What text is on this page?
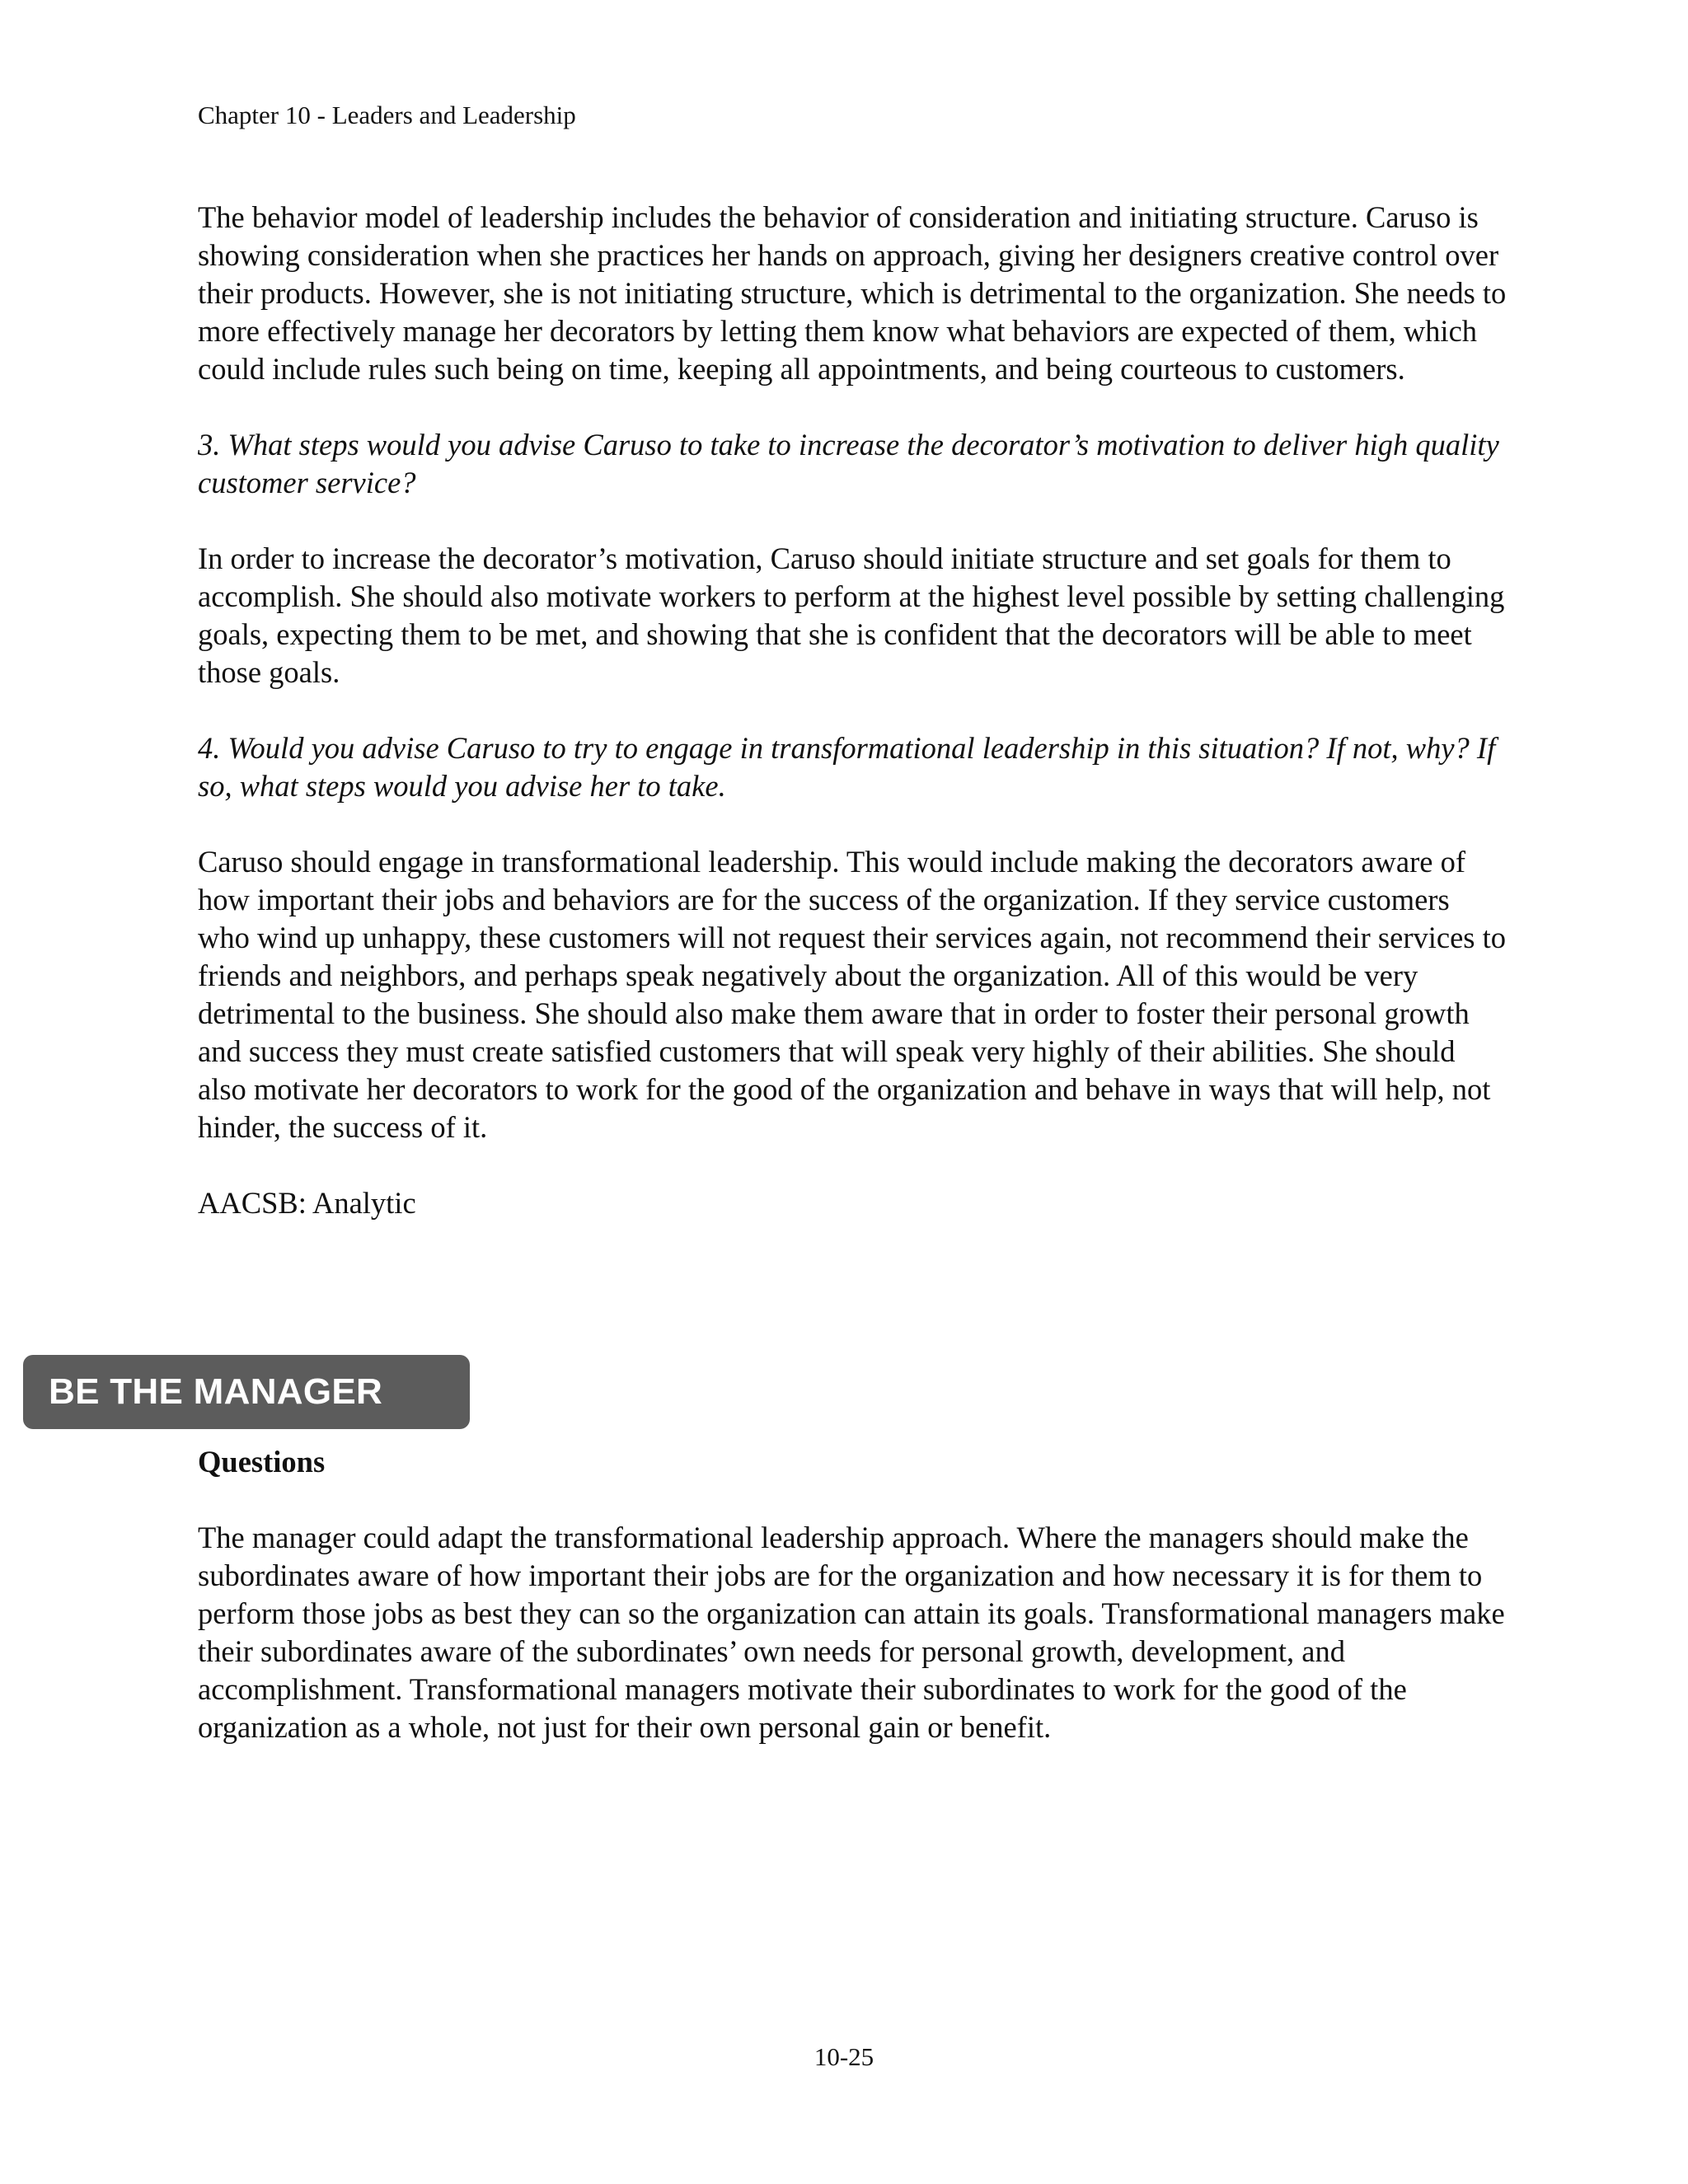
Chapter 10 - Leaders and Leadership

The behavior model of leadership includes the behavior of consideration and initiating structure. Caruso is showing consideration when she practices her hands on approach, giving her designers creative control over their products. However, she is not initiating structure, which is detrimental to the organization. She needs to more effectively manage her decorators by letting them know what behaviors are expected of them, which could include rules such being on time, keeping all appointments, and being courteous to customers.

3. What steps would you advise Caruso to take to increase the decorator’s motivation to deliver high quality customer service?

In order to increase the decorator’s motivation, Caruso should initiate structure and set goals for them to accomplish. She should also motivate workers to perform at the highest level possible by setting challenging goals, expecting them to be met, and showing that she is confident that the decorators will be able to meet those goals.

4. Would you advise Caruso to try to engage in transformational leadership in this situation? If not, why? If so, what steps would you advise her to take.

Caruso should engage in transformational leadership. This would include making the decorators aware of how important their jobs and behaviors are for the success of the organization. If they service customers who wind up unhappy, these customers will not request their services again, not recommend their services to friends and neighbors, and perhaps speak negatively about the organization. All of this would be very detrimental to the business. She should also make them aware that in order to foster their personal growth and success they must create satisfied customers that will speak very highly of their abilities. She should also motivate her decorators to work for the good of the organization and behave in ways that will help, not hinder, the success of it.

AACSB: Analytic

BE THE MANAGER

Questions

The manager could adapt the transformational leadership approach. Where the managers should make the subordinates aware of how important their jobs are for the organization and how necessary it is for them to perform those jobs as best they can so the organization can attain its goals. Transformational managers make their subordinates aware of the subordinates’ own needs for personal growth, development, and accomplishment. Transformational managers motivate their subordinates to work for the good of the organization as a whole, not just for their own personal gain or benefit.

10-25
